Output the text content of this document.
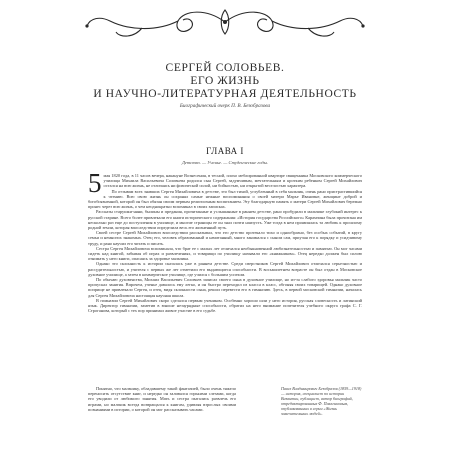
СЕРГЕЙ СОЛОВЬЕВ.
ЕГО ЖИЗНЬ
И НАУЧНО-ЛИТЕРАТУРНАЯ ДЕЯТЕЛЬНОСТЬ
Биографический очерк П. В. Безобразова
ГЛАВА I
Детство. — Ученье. — Студенческие годы.

5 мая 1820 года, в 11 часов вечера, накануне Вознесения, в тесной, плохо меблированной квартире священника Московского коммерческого училища Михаила Васильевича Соловьева родился сын Сергей, задумчивым, мечтательным и кротким ребенком Сергей Михайлович остался на всю жизнь, не отличаясь ни физической силой, ни бойкостью, ни открытой веселостью характера.

По отзывам всех знавших Сергея Михайловича в детстве, это был тихий, углубленный в себя мальчик, очень рано пристрастившийся к чтению. Всю свою жизнь он сохранял самые нежные воспоминания о своей матери Марье Ивановне, женщине доброй и богобоязненной, которой он был обязан своим первым религиозным воспитанием. Эту благодарную память о матери Сергей Михайлович бережно пронес через всю жизнь, о чем неоднократно вспоминал в своих записках.

Рассказы старушки-няни, былины и предания, прочитанные и услышанные в раннем детстве, рано пробудили в мальчике глубокий интерес к русской старине. Всего более привлекали его книги исторического содержания: «История государства Российского» Карамзина была прочитана им несколько раз еще до поступления в училище, и многие страницы ее он знал почти наизусть. Уже тогда в нем проявлялась та любовь к прошлому родной земли, которая впоследствии определила весь его жизненный путь.

Своей сестре Сергей Михайлович впоследствии рассказывал, что его детство протекало тихо и однообразно, без особых событий, в кругу семьи и немногих знакомых. Отец его, человек образованный и начитанный, много занимался с сыном сам, приучая его к порядку и усидчивому труду, и рано научил его читать и писать.

Сестра Сергея Михайловича вспоминала, что брат ее с малых лет отличался необыкновенной любознательностью и памятью. Он мог часами сидеть над книгой, забывая об играх и развлечениях, и товарищи по училищу называли его «книжником». Отец нередко должен был силою отнимать у него книги, опасаясь за здоровье мальчика.

Однако это склонность к истории сказалась уже в раннем детстве. Среди сверстников Сергей Михайлович отличался серьезностью и рассудительностью, и учителя с первых же лет отметили его выдающиеся способности. В восьмилетнем возрасте он был отдан в Московское духовное училище, а затем в коммерческое училище, где учился с большим успехом.

По обычаю духовенства, Михаил Васильевич Соловьев записал своего сына в духовное училище, но из-за слабого здоровья мальчик часто пропускал занятия. Впрочем, ученье давалось ему легко, и он быстро переходил из класса в класс, обгоняя своих товарищей. Однако духовное поприще не привлекало Сергея, и отец, видя склонности сына, решил перевести его в гимназию. Здесь, в первой московской гимназии, началась для Сергея Михайловича настоящая научная школа.

В гимназии Сергей Михайлович скоро сделался первым учеником. Особенно хорошо шли у него история, русская словесность и латинский язык. Директор гимназии, заметив в юноше незаурядные способности, обратил на него внимание попечителя учебного округа графа С. Г. Строганова, который с тех пор принимал живое участие в его судьбе.

Понятно, что мальчику, обладавшему такой фантазией, было очень тяжело переносить отсутствие книг, и нередко он заливался горькими слезами, когда его уводили от любимого занятия. Мать и сестра пытались развлечь его играми, но мальчик всегда возвращался к книгам, удивляя взрослых своими познаниями в истории, о которой он мог рассказывать часами.

Павел Владимирович Безобразов (1859—1918) — историк, специалист по истории Византии, публицист, автор биографий, отредактированных Ф. Павленковым, опубликованных в серии «Жизнь замечательных людей».
